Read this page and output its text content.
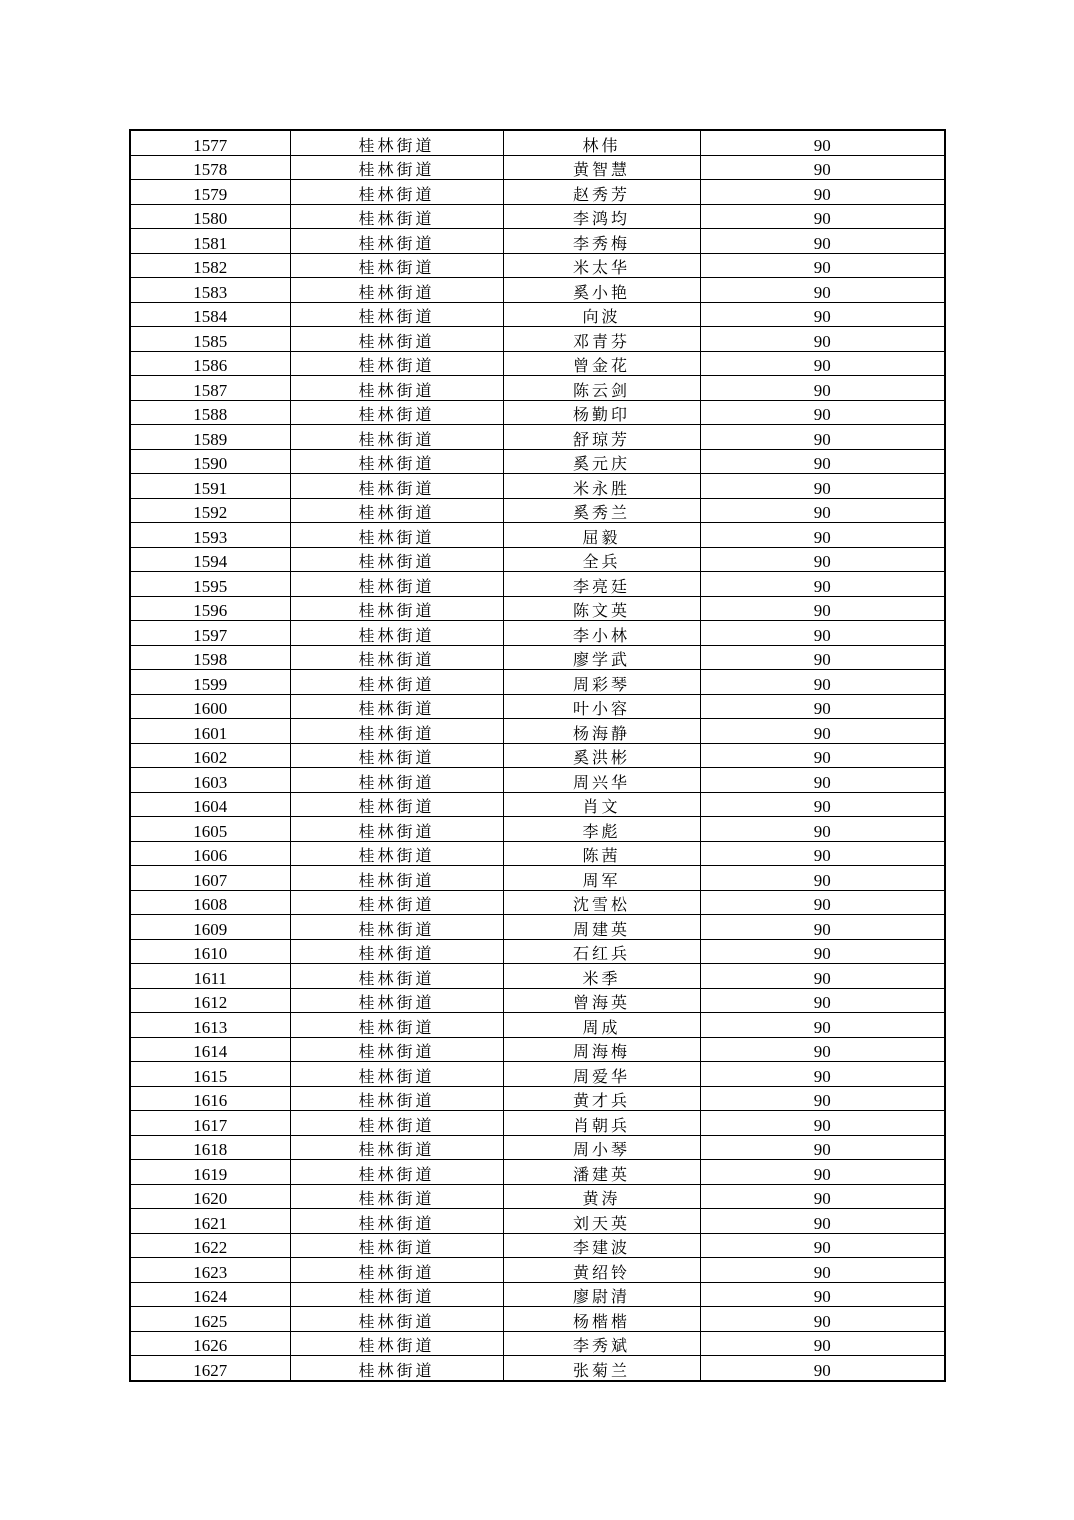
1577	桂林街道	林伟	90
1578	桂林街道	黄智慧	90
1579	桂林街道	赵秀芳	90
1580	桂林街道	李鸿均	90
1581	桂林街道	李秀梅	90
1582	桂林街道	米太华	90
1583	桂林街道	奚小艳	90
1584	桂林街道	向波	90
1585	桂林街道	邓青芬	90
1586	桂林街道	曾金花	90
1587	桂林街道	陈云剑	90
1588	桂林街道	杨勤印	90
1589	桂林街道	舒琼芳	90
1590	桂林街道	奚元庆	90
1591	桂林街道	米永胜	90
1592	桂林街道	奚秀兰	90
1593	桂林街道	屈毅	90
1594	桂林街道	全兵	90
1595	桂林街道	李亮廷	90
1596	桂林街道	陈文英	90
1597	桂林街道	李小林	90
1598	桂林街道	廖学武	90
1599	桂林街道	周彩琴	90
1600	桂林街道	叶小容	90
1601	桂林街道	杨海静	90
1602	桂林街道	奚洪彬	90
1603	桂林街道	周兴华	90
1604	桂林街道	肖文	90
1605	桂林街道	李彪	90
1606	桂林街道	陈茜	90
1607	桂林街道	周军	90
1608	桂林街道	沈雪松	90
1609	桂林街道	周建英	90
1610	桂林街道	石红兵	90
1611	桂林街道	米季	90
1612	桂林街道	曾海英	90
1613	桂林街道	周成	90
1614	桂林街道	周海梅	90
1615	桂林街道	周爱华	90
1616	桂林街道	黄才兵	90
1617	桂林街道	肖朝兵	90
1618	桂林街道	周小琴	90
1619	桂林街道	潘建英	90
1620	桂林街道	黄涛	90
1621	桂林街道	刘天英	90
1622	桂林街道	李建波	90
1623	桂林街道	黄绍铃	90
1624	桂林街道	廖尉清	90
1625	桂林街道	杨楷楷	90
1626	桂林街道	李秀斌	90
1627	桂林街道	张菊兰	90
